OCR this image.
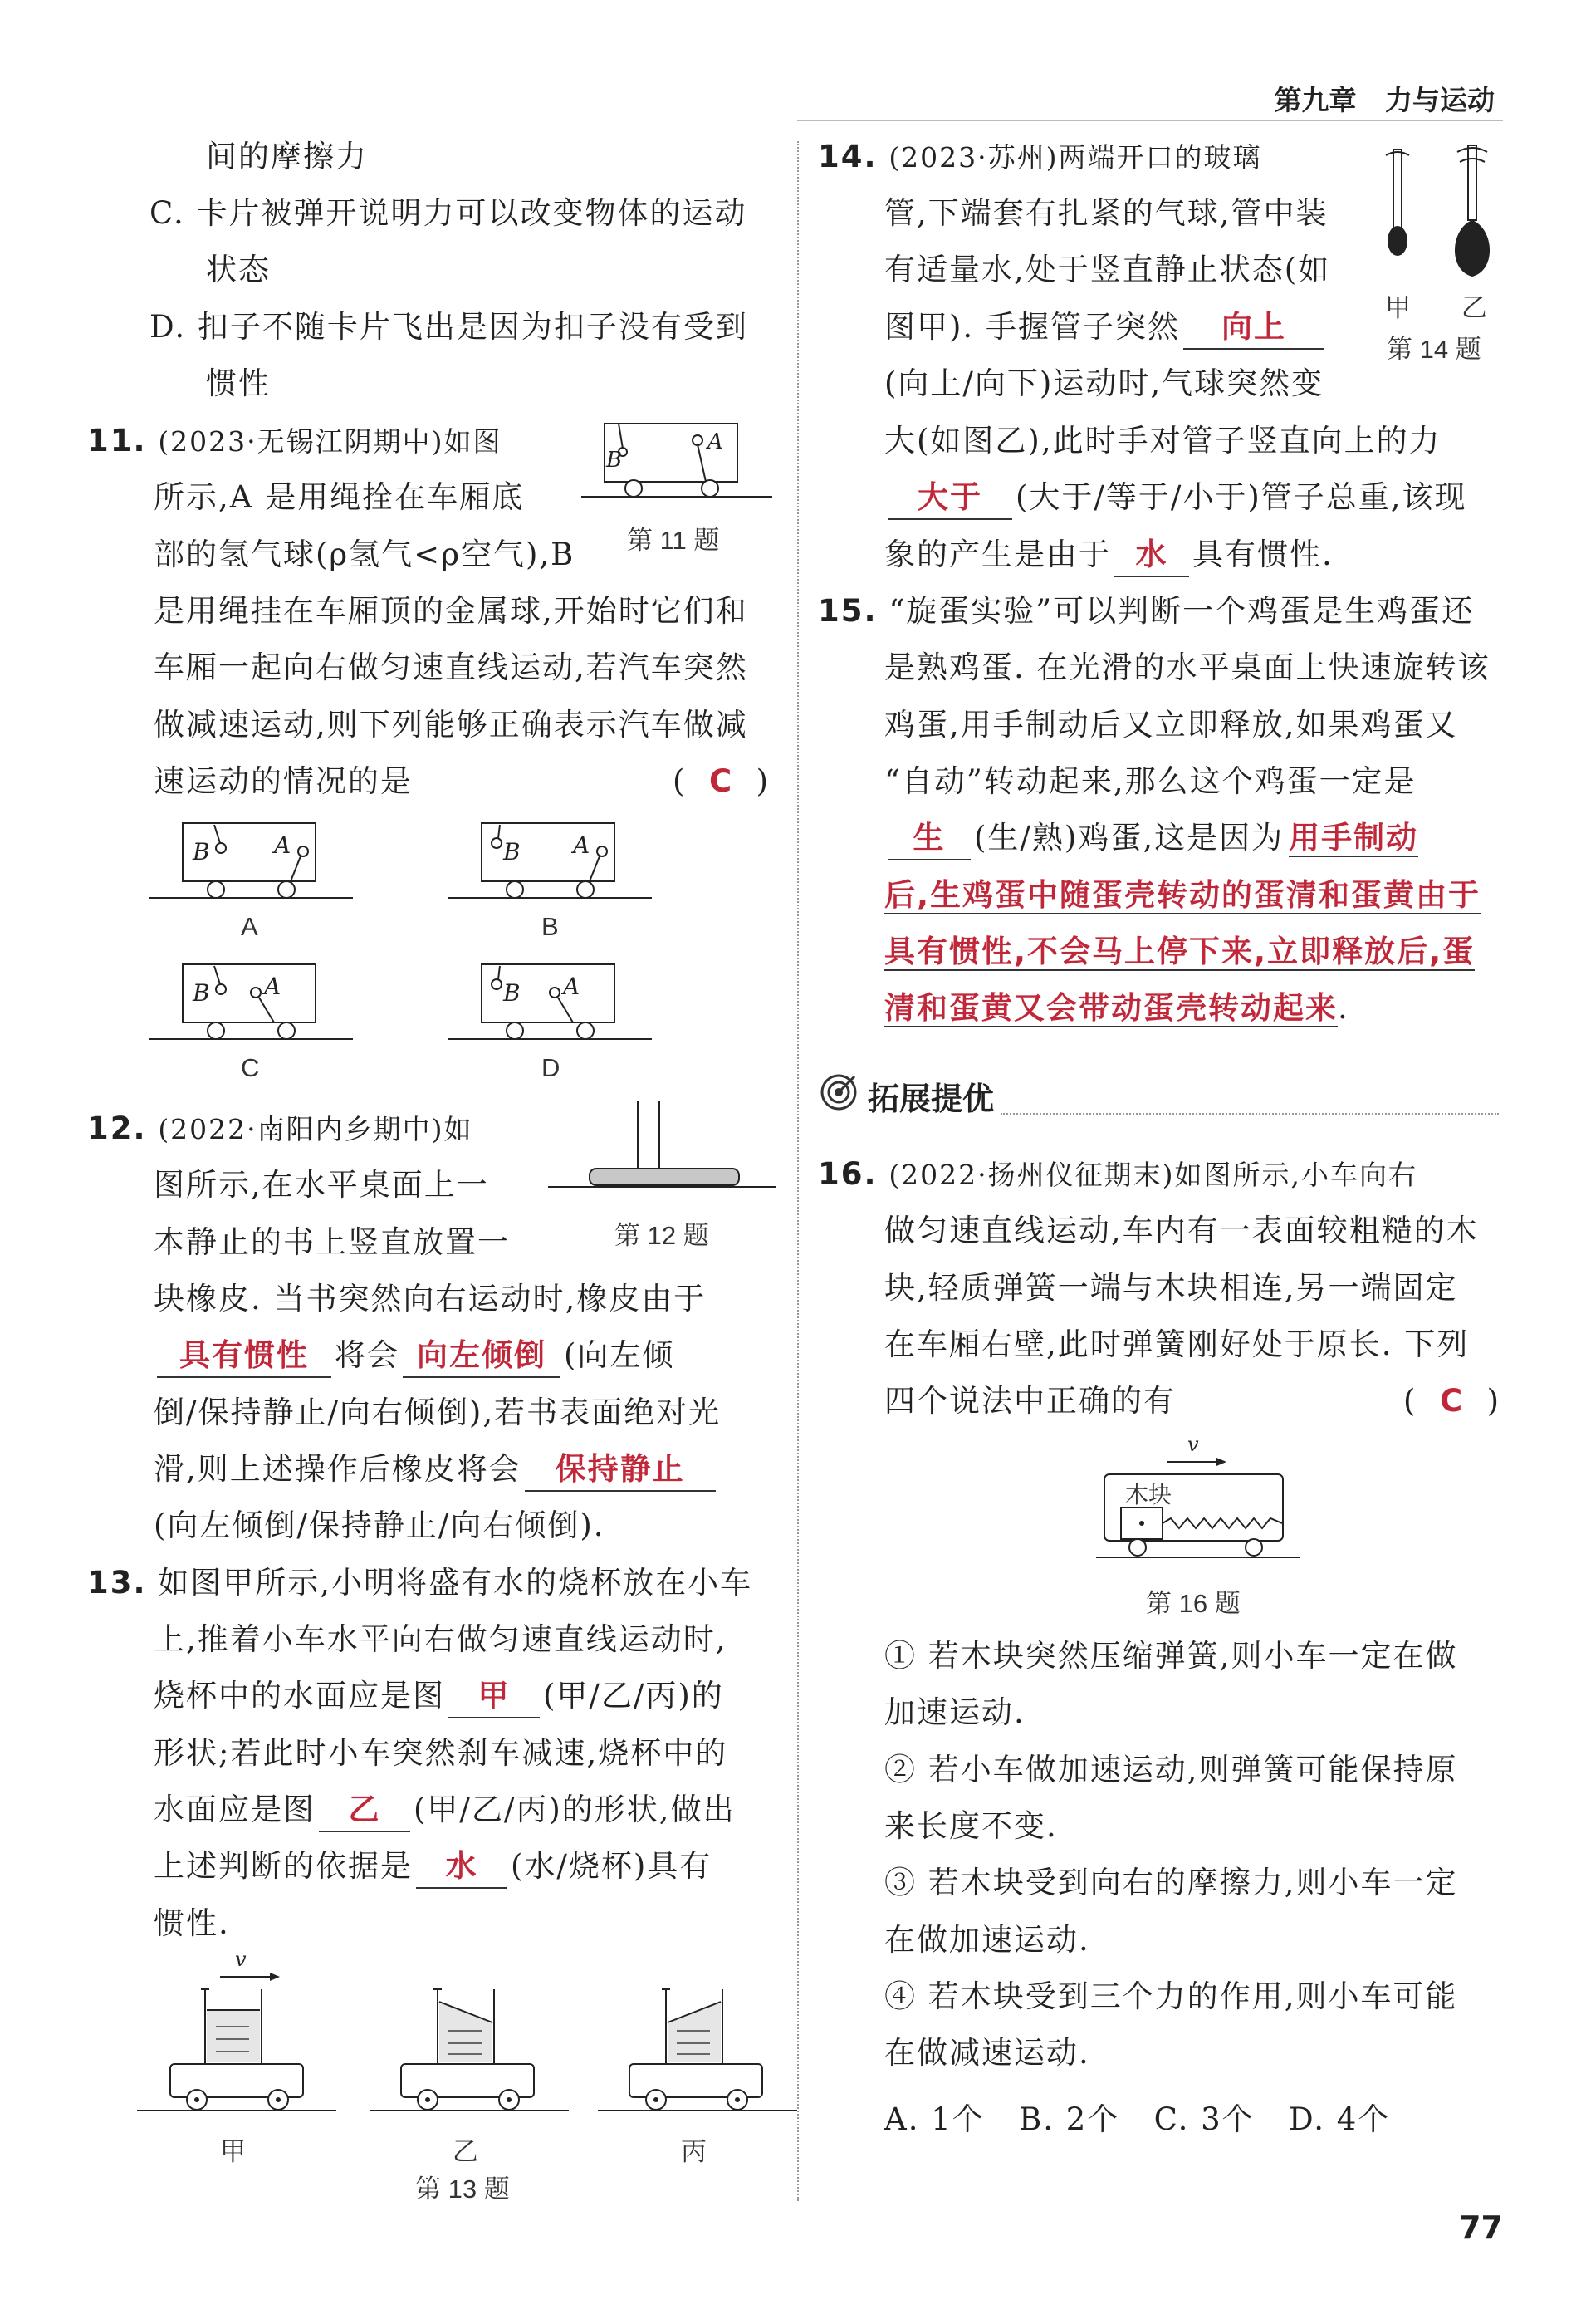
第九章 力与运动
间的摩擦力
C. 卡片被弹开说明力可以改变物体的运动
状态
D. 扣子不随卡片飞出是因为扣子没有受到
惯性
11. (2023·无锡江阴期中)如图
所示,A 是用绳拴在车厢底
部的氢气球(ρ氢气<ρ空气),B
是用绳挂在车厢顶的金属球,开始时它们和
车厢一起向右做匀速直线运动,若汽车突然
做减速运动,则下列能够正确表示汽车做减
速运动的情况的是	(  C  )
B
A
第 11 题
B	A
A
B A
B
B A
C
B A
D
12. (2022·南阳内乡期中)如
图所示,在水平桌面上一
本静止的书上竖直放置一
块橡皮. 当书突然向右运动时,橡皮由于
具有惯性 将会 向左倾倒 (向左倾
倒/保持静止/向右倾倒),若书表面绝对光
滑,则上述操作后橡皮将会 保持静止
(向左倾倒/保持静止/向右倾倒).
第 12 题
13. 如图甲所示,小明将盛有水的烧杯放在小车
上,推着小车水平向右做匀速直线运动时,
烧杯中的水面应是图 甲 (甲/乙/丙)的
形状;若此时小车突然刹车减速,烧杯中的
水面应是图 乙 (甲/乙/丙)的形状,做出
上述判断的依据是 水 (水/烧杯)具有
惯性.
v
甲	乙	丙
第 13 题
14. (2023·苏州)两端开口的玻璃
管,下端套有扎紧的气球,管中装
有适量水,处于竖直静止状态(如
图甲). 手握管子突然 向上
(向上/向下)运动时,气球突然变
大(如图乙),此时手对管子竖直向上的力
大于 (大于/等于/小于)管子总重,该现
象的产生是由于 水 具有惯性.
甲 乙
第 14 题
15. “旋蛋实验”可以判断一个鸡蛋是生鸡蛋还
是熟鸡蛋. 在光滑的水平桌面上快速旋转该
鸡蛋,用手制动后又立即释放,如果鸡蛋又
“自动”转动起来,那么这个鸡蛋一定是
生 (生/熟)鸡蛋,这是因为 用手制动
后,生鸡蛋中随蛋壳转动的蛋清和蛋黄由于
具有惯性,不会马上停下来,立即释放后,蛋
清和蛋黄又会带动蛋壳转动起来.
拓展提优
16. (2022·扬州仪征期末)如图所示,小车向右
做匀速直线运动,车内有一表面较粗糙的木
块,轻质弹簧一端与木块相连,另一端固定
在车厢右壁,此时弹簧刚好处于原长. 下列
四个说法中正确的有	(  C  )
v
木块
第 16 题
① 若木块突然压缩弹簧,则小车一定在做
加速运动.
② 若小车做加速运动,则弹簧可能保持原
来长度不变.
③ 若木块受到向右的摩擦力,则小车一定
在做加速运动.
④ 若木块受到三个力的作用,则小车可能
在做减速运动.
A. 1个   B. 2个   C. 3个   D. 4个
77
